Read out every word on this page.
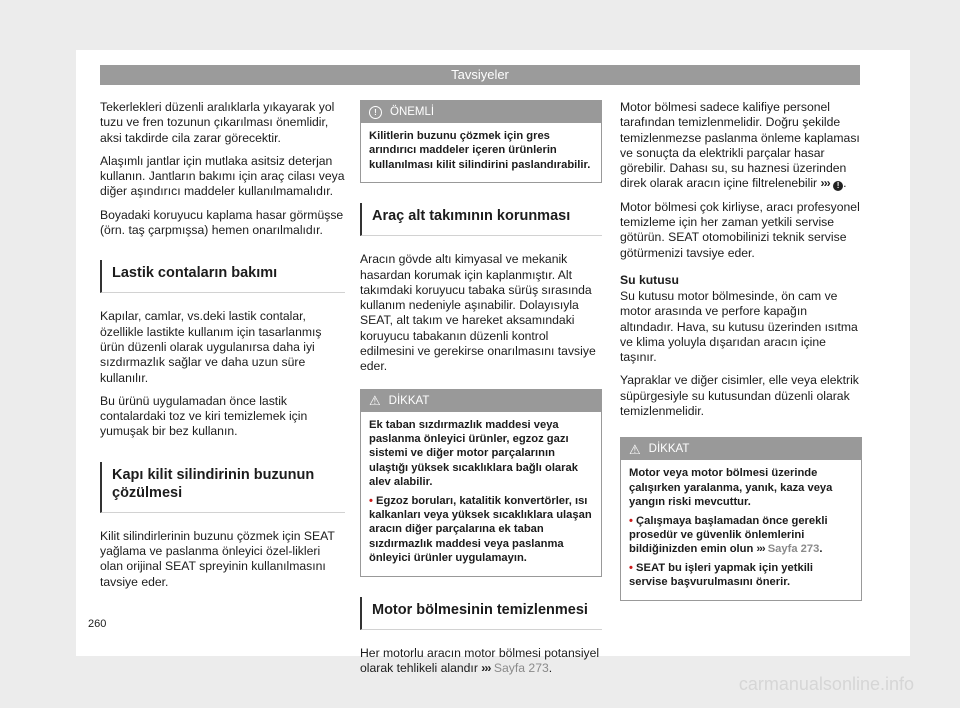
Tavsiyeler

Tekerlekleri düzenli aralıklarla yıkayarak yol tuzu ve fren tozunun çıkarılması önemlidir, aksi takdirde cila zarar görecektir.

Alaşımlı jantlar için mutlaka asitsiz deterjan kullanın. Jantların bakımı için araç cilası veya diğer aşındırıcı maddeler kullanılmamalıdır.

Boyadaki koruyucu kaplama hasar görmüşse (örn. taş çarpmışsa) hemen onarılmalıdır.

Lastik contaların bakımı

Kapılar, camlar, vs.deki lastik contalar, özellikle lastikte kullanım için tasarlanmış ürün düzenli olarak uygulanırsa daha iyi sızdırmazlık sağlar ve daha uzun süre kullanılır.

Bu ürünü uygulamadan önce lastik contalardaki toz ve kiri temizlemek için yumuşak bir bez kullanın.

Kapı kilit silindirinin buzunun çözülmesi

Kilit silindirlerinin buzunu çözmek için SEAT yağlama ve paslanma önleyici özel-likleri olan orijinal SEAT spreyinin kullanılmasını tavsiye eder.

!	ÖNEMLİ
Kilitlerin buzunu çözmek için gres arındırıcı maddeler içeren ürünlerin kullanılması kilit silindirini paslandırabilir.
Araç alt takımının korunması

Aracın gövde altı kimyasal ve mekanik hasardan korumak için kaplanmıştır. Alt takımdaki koruyucu tabaka sürüş sırasında kullanım nedeniyle aşınabilir. Dolayısıyla SEAT, alt takım ve hareket aksamındaki koruyucu tabakanın düzenli kontrol edilmesini ve gerekirse onarılmasını tavsiye eder.

⚠ DİKKAT
Ek taban sızdırmazlık maddesi veya paslanma önleyici ürünler, egzoz gazı sistemi ve diğer motor parçalarının ulaştığı yüksek sıcaklıklara bağlı olarak alev alabilir.
• Egzoz boruları, katalitik konvertörler, ısı kalkanları veya yüksek sıcaklıklara ulaşan aracın diğer parçalarına ek taban sızdırmazlık maddesi veya paslanma önleyici ürünler uygulamayın.
Motor bölmesinin temizlenmesi

Her motorlu aracın motor bölmesi potansiyel olarak tehlikeli alandır ››› Sayfa 273.

Motor bölmesi sadece kalifiye personel tarafından temizlenmelidir. Doğru şekilde temizlenmezse paslanma önleme kaplaması ve sonuçta da elektrikli parçalar hasar görebilir. Dahası su, su haznesi üzerinden direk olarak aracın içine filtrelenebilir ››› ! .

Motor bölmesi çok kirliyse, aracı profesyonel temizleme için her zaman yetkili servise götürün. SEAT otomobilinizi teknik servise götürmenizi tavsiye eder.

Su kutusu

Su kutusu motor bölmesinde, ön cam ve motor arasında ve perfore kapağın altındadır. Hava, su kutusu üzerinden ısıtma ve klima yoluyla dışarıdan aracın içine taşınır.

Yapraklar ve diğer cisimler, elle veya elektrik süpürgesiyle su kutusundan düzenli olarak temizlenmelidir.

⚠ DİKKAT
Motor veya motor bölmesi üzerinde çalışırken yaralanma, yanık, kaza veya yangın riski mevcuttur.
• Çalışmaya başlamadan önce gerekli prosedür ve güvenlik önlemlerini bildiğinizden emin olun ››› Sayfa 273.
• SEAT bu işleri yapmak için yetkili servise başvurulmasını önerir.
260
carmanualsonline.info
